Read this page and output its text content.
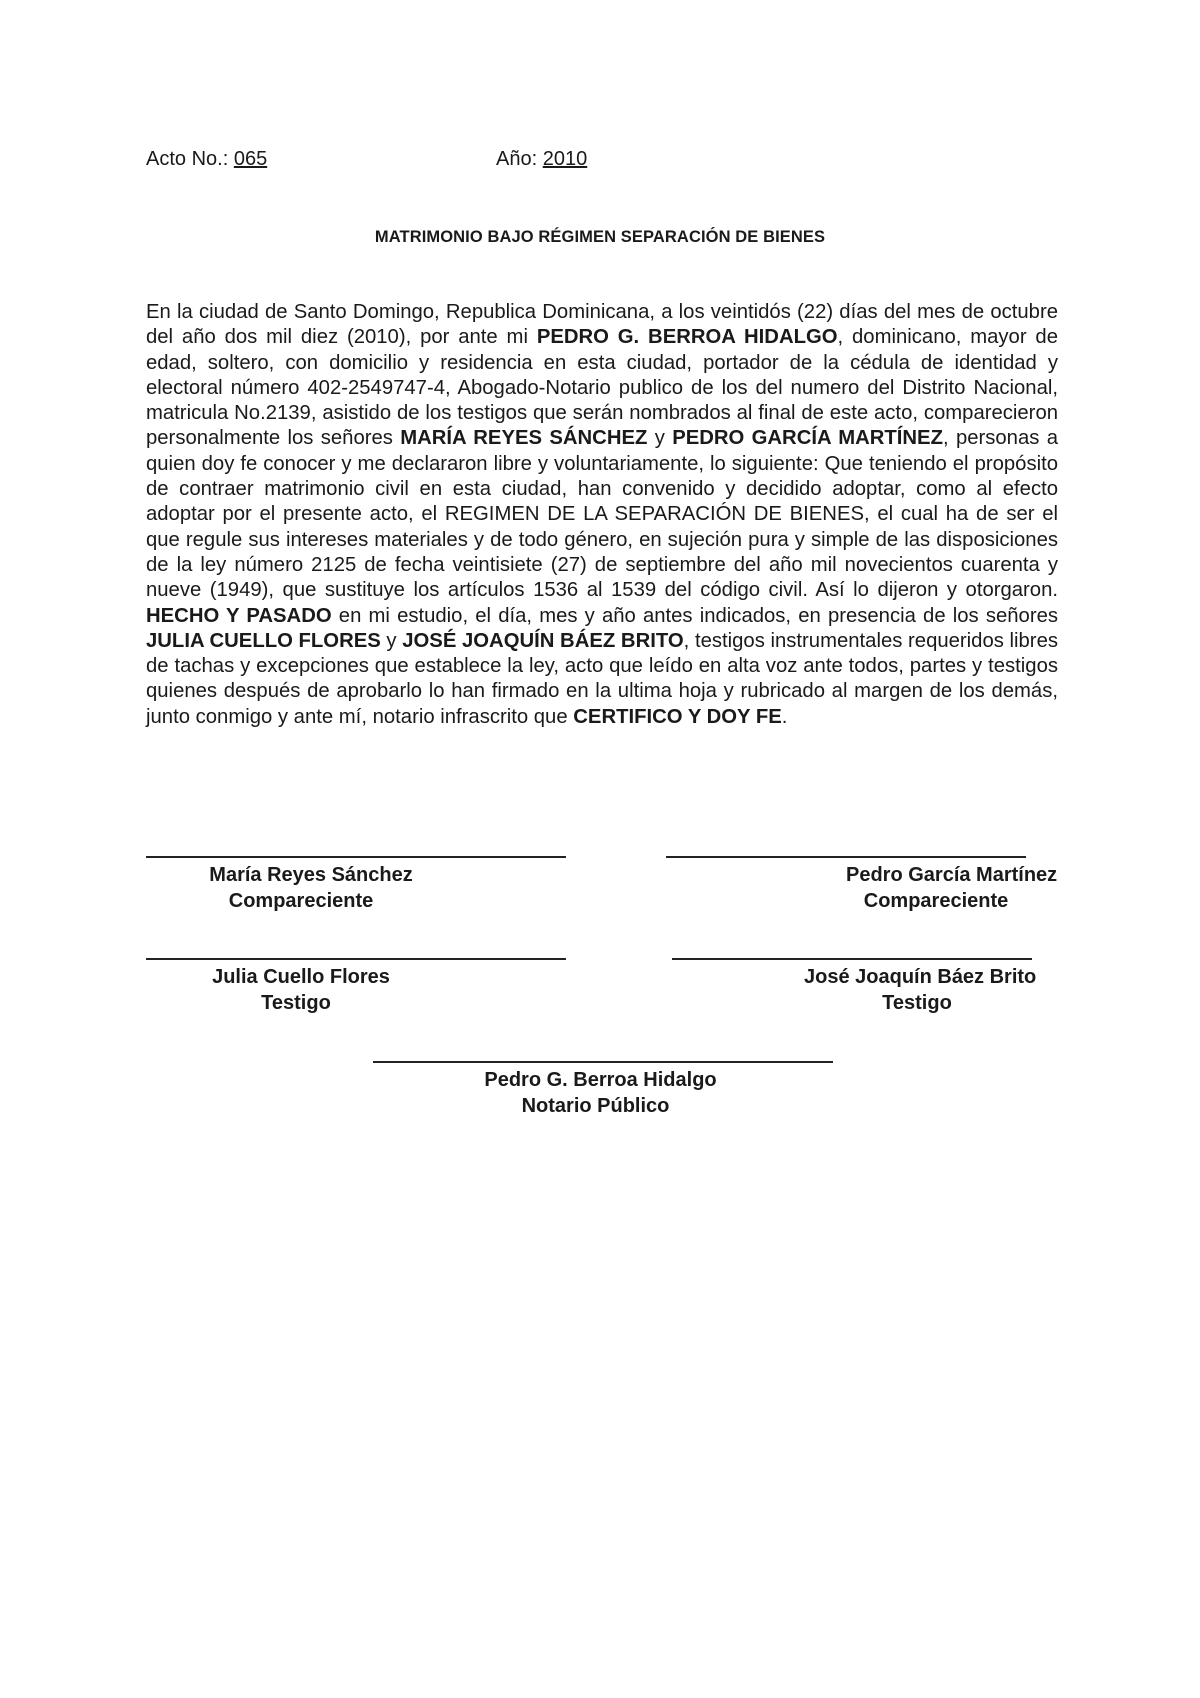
Acto No.: 065	Año: 2010
MATRIMONIO BAJO RÉGIMEN SEPARACIÓN DE BIENES
En la ciudad de Santo Domingo, Republica Dominicana, a los veintidós (22) días del mes de octubre del año dos mil diez (2010), por ante mi PEDRO G. BERROA HIDALGO, dominicano, mayor de edad, soltero, con domicilio y residencia en esta ciudad, portador de la cédula de identidad y electoral número 402-2549747-4, Abogado-Notario publico de los del numero del Distrito Nacional, matricula No.2139, asistido de los testigos que serán nombrados al final de este acto, comparecieron personalmente los señores MARÍA REYES SÁNCHEZ y PEDRO GARCÍA MARTÍNEZ, personas a quien doy fe conocer y me declararon libre y voluntariamente, lo siguiente: Que teniendo el propósito de contraer matrimonio civil en esta ciudad, han convenido y decidido adoptar, como al efecto adoptar por el presente acto, el REGIMEN DE LA SEPARACIÓN DE BIENES, el cual ha de ser el que regule sus intereses materiales y de todo género, en sujeción pura y simple de las disposiciones de la ley número 2125 de fecha veintisiete (27) de septiembre del año mil novecientos cuarenta y nueve (1949), que sustituye los artículos 1536 al 1539 del código civil. Así lo dijeron y otorgaron. HECHO Y PASADO en mi estudio, el día, mes y año antes indicados, en presencia de los señores JULIA CUELLO FLORES y JOSÉ JOAQUÍN BÁEZ BRITO, testigos instrumentales requeridos libres de tachas y excepciones que establece la ley, acto que leído en alta voz ante todos, partes y testigos quienes después de aprobarlo lo han firmado en la ultima hoja y rubricado al margen de los demás, junto conmigo y ante mí, notario infrascrito que CERTIFICO Y DOY FE.
María Reyes Sánchez
Compareciente
Pedro García Martínez
Compareciente
Julia Cuello Flores
Testigo
José Joaquín Báez Brito
Testigo
Pedro G. Berroa Hidalgo
Notario Público
